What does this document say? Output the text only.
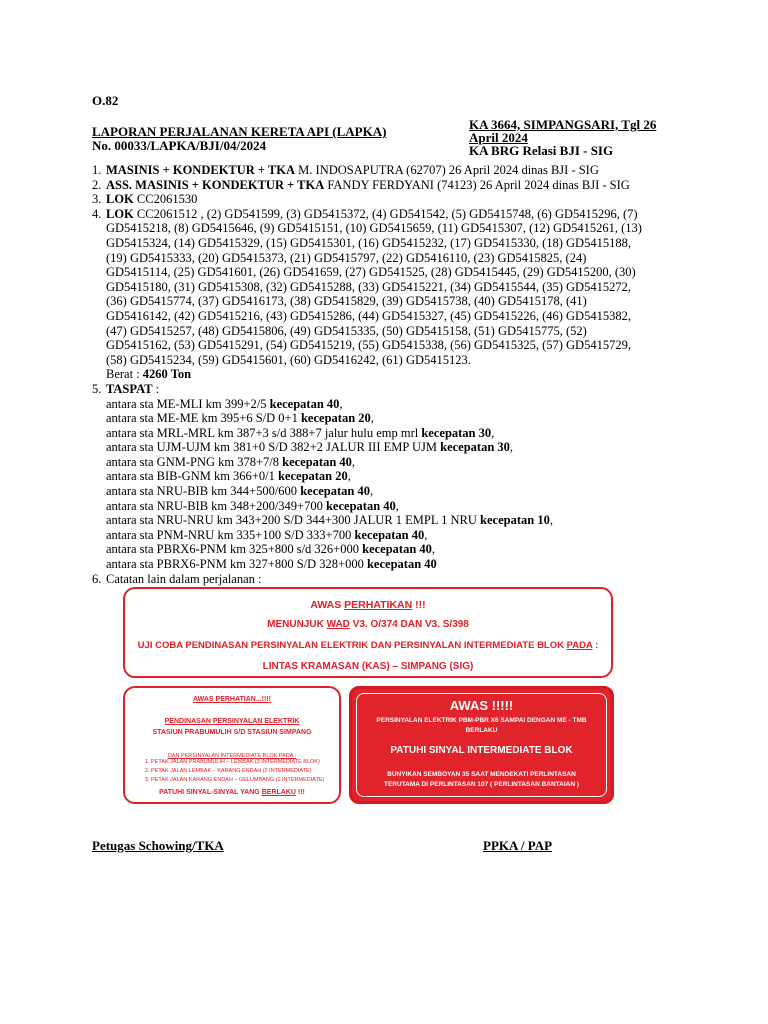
O.82
LAPORAN PERJALANAN KERETA API (LAPKA)
No. 00033/LAPKA/BJI/04/2024
KA 3664, SIMPANGSARI, Tgl 26
April 2024
KA BRG Relasi BJI - SIG
1. MASINIS + KONDEKTUR + TKA M. INDOSAPUTRA (62707) 26 April 2024 dinas BJI - SIG
2. ASS. MASINIS + KONDEKTUR + TKA FANDY FERDYANI (74123) 26 April 2024 dinas BJI - SIG
3. LOK CC2061530
4. LOK CC2061512 , (2) GD541599, (3) GD5415372, (4) GD541542, (5) GD5415748, (6) GD5415296, (7)
GD5415218, (8) GD5415646, (9) GD5415151, (10) GD5415659, (11) GD5415307, (12) GD5415261, (13)
GD5415324, (14) GD5415329, (15) GD5415301, (16) GD5415232, (17) GD5415330, (18) GD5415188,
(19) GD5415333, (20) GD5415373, (21) GD5415797, (22) GD5416110, (23) GD5415825, (24)
GD5415114, (25) GD541601, (26) GD541659, (27) GD541525, (28) GD5415445, (29) GD5415200, (30)
GD5415180, (31) GD5415308, (32) GD5415288, (33) GD5415221, (34) GD5415544, (35) GD5415272,
(36) GD5415774, (37) GD5416173, (38) GD5415829, (39) GD5415738, (40) GD5415178, (41)
GD5416142, (42) GD5415216, (43) GD5415286, (44) GD5415327, (45) GD5415226, (46) GD5415382,
(47) GD5415257, (48) GD5415806, (49) GD5415335, (50) GD5415158, (51) GD5415775, (52)
GD5415162, (53) GD5415291, (54) GD5415219, (55) GD5415338, (56) GD5415325, (57) GD5415729,
(58) GD5415234, (59) GD5415601, (60) GD5416242, (61) GD5415123.
Berat : 4260 Ton
5. TASPAT :
antara sta ME-MLI km 399+2/5 kecepatan 40,
antara sta ME-ME km 395+6 S/D 0+1 kecepatan 20,
antara sta MRL-MRL km 387+3 s/d 388+7 jalur hulu emp mrl kecepatan 30,
antara sta UJM-UJM km 381+0 S/D 382+2 JALUR III EMP UJM kecepatan 30,
antara sta GNM-PNG km 378+7/8 kecepatan 40,
antara sta BIB-GNM km 366+0/1 kecepatan 20,
antara sta NRU-BIB km 344+500/600 kecepatan 40,
antara sta NRU-BIB km 348+200/349+700 kecepatan 40,
antara sta NRU-NRU km 343+200 S/D 344+300 JALUR 1 EMPL 1 NRU kecepatan 10,
antara sta PNM-NRU km 335+100 S/D 333+700 kecepatan 40,
antara sta PBRX6-PNM km 325+800 s/d 326+000 kecepatan 40,
antara sta PBRX6-PNM km 327+800 S/D 328+000 kecepatan 40
6. Catatan lain dalam perjalanan :
AWAS PERHATIKAN !!!
MENUNJUK WAD V3. O/374 DAN V3. S/398
UJI COBA PENDINASAN PERSINYALAN ELEKTRIK DAN PERSINYALAN INTERMEDIATE BLOK PADA :
LINTAS KRAMASAN (KAS) – SIMPANG (SIG)
AWAS PERHATIAN...!!!!
PENDINASAN PERSINYALAN ELEKTRIK
STASIUN PRABUMULIH S/D STASIUN SIMPANG
DAN PERSINYALAN INTERMEDIATE BLOK PADA :
1. PETAK JALAN PRABUMULIH – LEMBAK (3 INTERMEDIATE BLOK)
2. PETAK JALAN LEMBAK – KARANG ENDAH (2 INTERMEDIATE)
3. PETAK JALAN KARANG ENDAH – GELUMBANG (1 INTERMEDIATE)
PATUHI SINYAL-SINYAL YANG BERLAKU !!!
AWAS !!!!!
PERSINYALAN ELEKTRIK PBM-PBR X6 SAMPAI DENGAN ME - TMB
BERLAKU
PATUHI SINYAL INTERMEDIATE BLOK
BUNYIKAN SEMBOYAN 35 SAAT MENDEKATI PERLINTASAN
TERUTAMA DI PERLINTASAN 107 ( PERLINTASAN BANTAIAN )
Petugas Schowing/TKA	PPKA / PAP
